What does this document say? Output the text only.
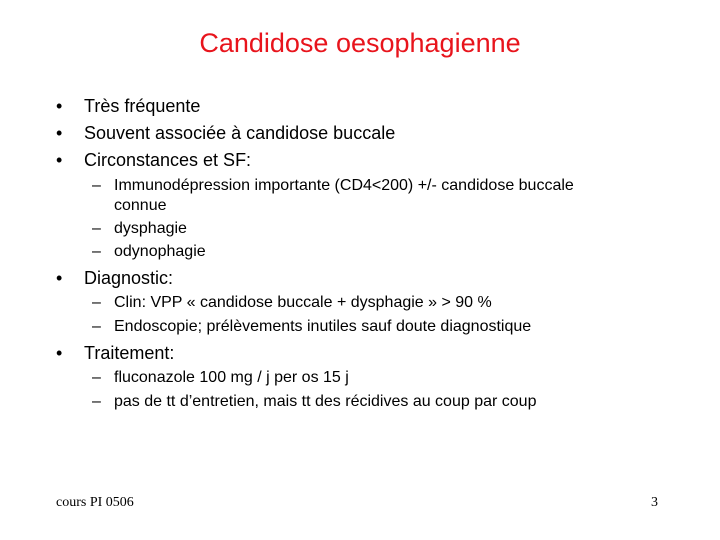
Candidose oesophagienne
• Très fréquente
• Souvent associée à candidose buccale
• Circonstances et SF:
– Immunodépression importante (CD4<200) +/- candidose buccale
connue
– dysphagie
– odynophagie
• Diagnostic:
– Clin: VPP « candidose buccale + dysphagie » > 90 %
– Endoscopie; prélèvements inutiles sauf doute diagnostique
• Traitement:
– fluconazole 100 mg / j per os 15 j
– pas de tt d’entretien, mais tt des récidives au coup par coup
cours PI 0506	3
